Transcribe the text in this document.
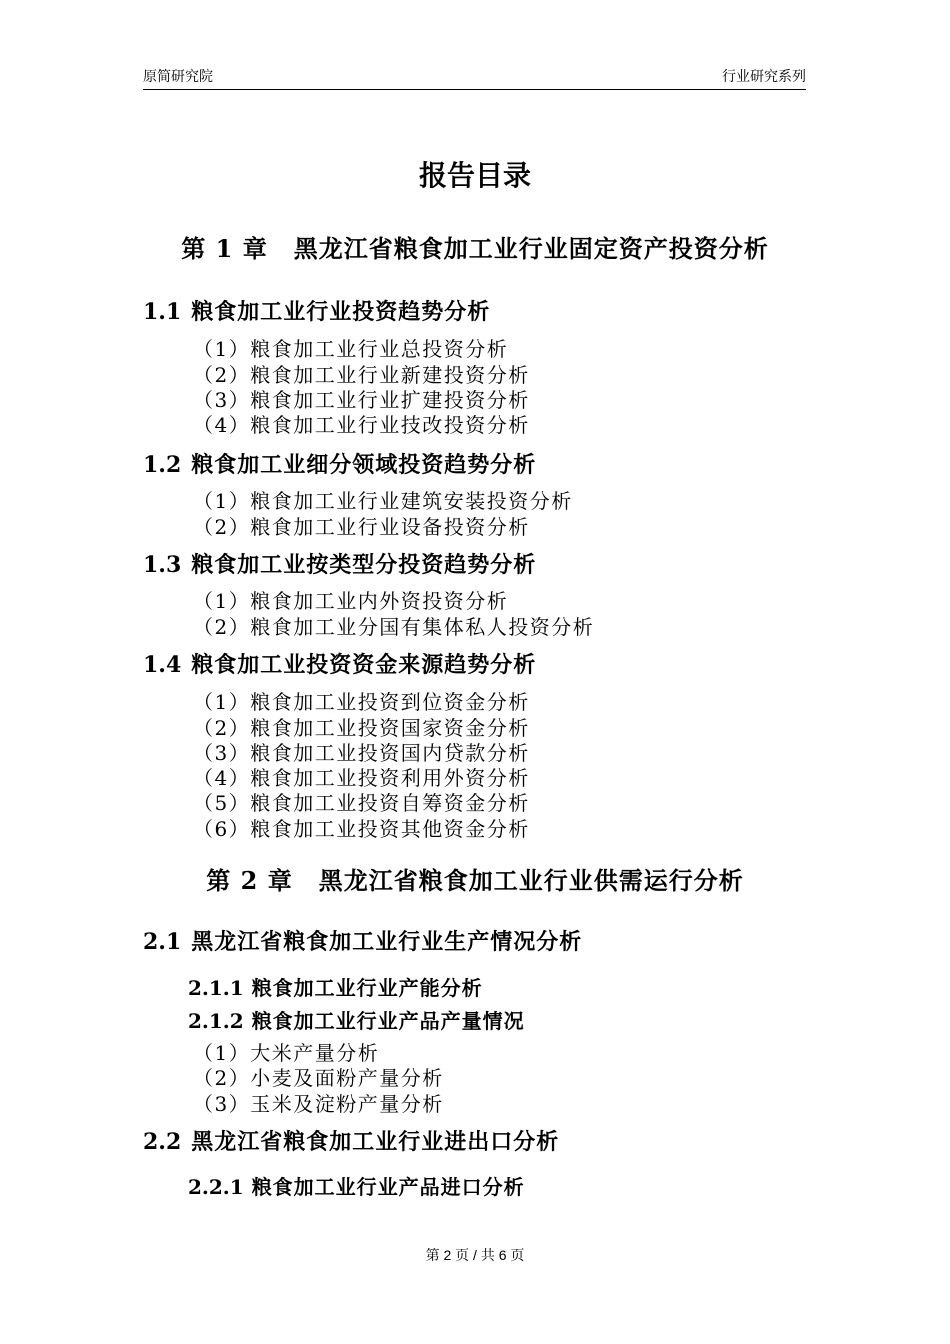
原简研究院	行业研究系列
报告目录
第 1 章 黑龙江省粮食加工业行业固定资产投资分析
1.1 粮食加工业行业投资趋势分析
（1）粮食加工业行业总投资分析
（2）粮食加工业行业新建投资分析
（3）粮食加工业行业扩建投资分析
（4）粮食加工业行业技改投资分析
1.2 粮食加工业细分领域投资趋势分析
（1）粮食加工业行业建筑安装投资分析
（2）粮食加工业行业设备投资分析
1.3 粮食加工业按类型分投资趋势分析
（1）粮食加工业内外资投资分析
（2）粮食加工业分国有集体私人投资分析
1.4 粮食加工业投资资金来源趋势分析
（1）粮食加工业投资到位资金分析
（2）粮食加工业投资国家资金分析
（3）粮食加工业投资国内贷款分析
（4）粮食加工业投资利用外资分析
（5）粮食加工业投资自筹资金分析
（6）粮食加工业投资其他资金分析
第 2 章 黑龙江省粮食加工业行业供需运行分析
2.1 黑龙江省粮食加工业行业生产情况分析
2.1.1 粮食加工业行业产能分析
2.1.2 粮食加工业行业产品产量情况
（1）大米产量分析
（2）小麦及面粉产量分析
（3）玉米及淀粉产量分析
2.2 黑龙江省粮食加工业行业进出口分析
2.2.1 粮食加工业行业产品进口分析
第 2 页 / 共 6 页
